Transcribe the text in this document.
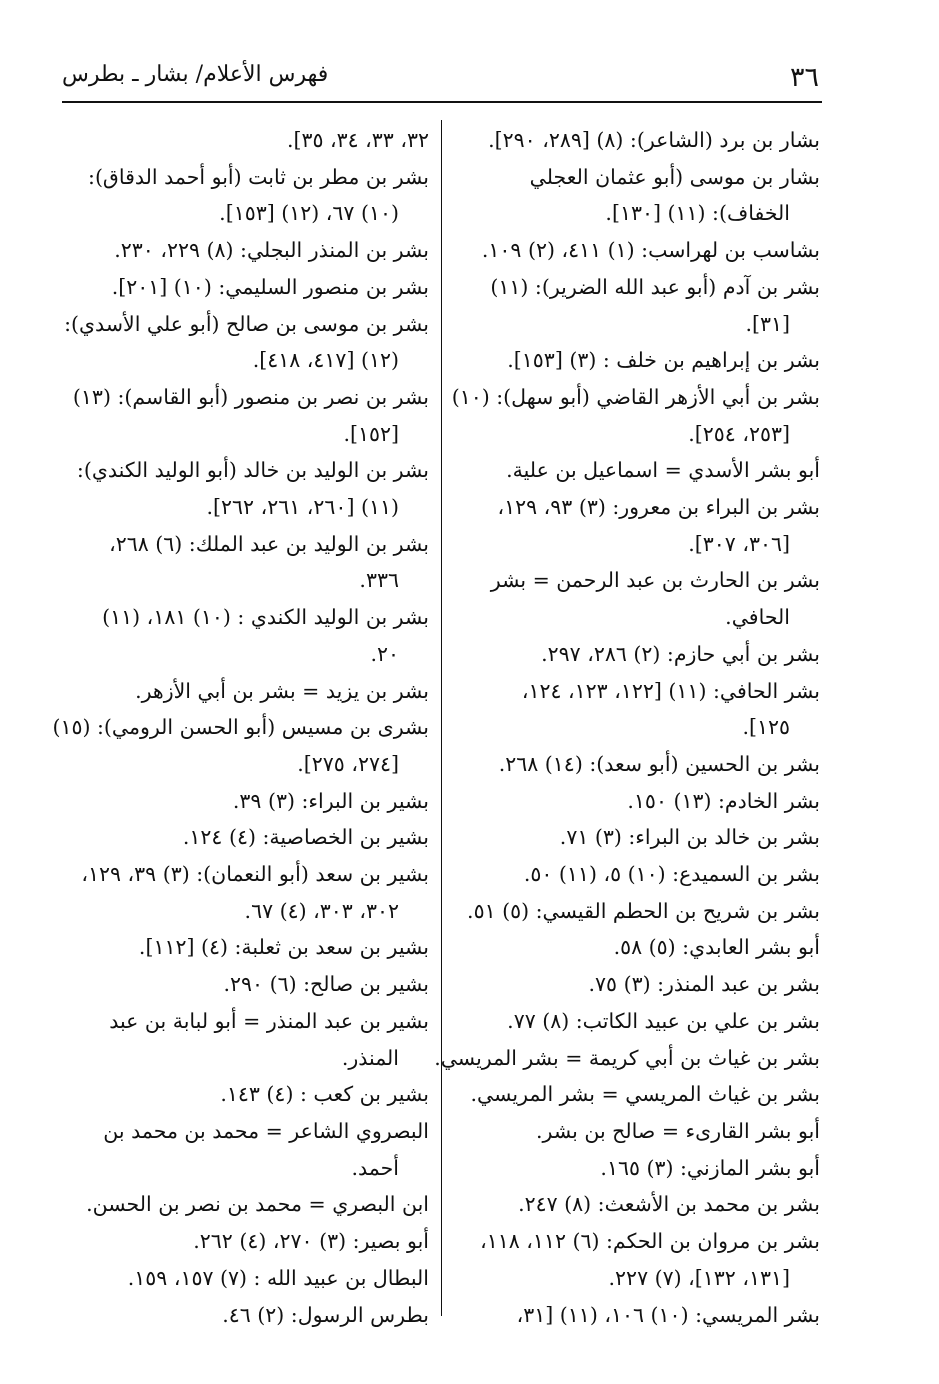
٣٦
فهرس الأعلام/ بشار ـ بطرس
بشار بن برد (الشاعر): (٨) [٢٨٩، ٢٩٠].
بشار بن موسى (أبو عثمان العجلي
الخفاف): (١١) [١٣٠].
بشاسب بن لهراسب: (١) ٤١١، (٢) ١٠٩.
بشر بن آدم (أبو عبد الله الضرير): (١١)
[٣١].
بشر بن إبراهيم بن خلف : (٣) [١٥٣].
بشر بن أبي الأزهر القاضي (أبو سهل): (١٠)
[٢٥٣، ٢٥٤].
أبو بشر الأسدي = اسماعيل بن علية.
بشر بن البراء بن معرور: (٣) ٩٣، ١٢٩،
[٣٠٦، ٣٠٧].
بشر بن الحارث بن عبد الرحمن = بشر
الحافي.
بشر بن أبي حازم: (٢) ٢٨٦، ٢٩٧.
بشر الحافي: (١١) [١٢٢، ١٢٣، ١٢٤،
١٢٥].
بشر بن الحسين (أبو سعد): (١٤) ٢٦٨.
بشر الخادم: (١٣) ١٥٠.
بشر بن خالد بن البراء: (٣) ٧١.
بشر بن السميدع: (١٠) ٥، (١١) ٥٠.
بشر بن شريح بن الحطم القيسي: (٥) ٥١.
أبو بشر العابدي: (٥) ٥٨.
بشر بن عبد المنذر: (٣) ٧٥.
بشر بن علي بن عبيد الكاتب: (٨) ٧٧.
بشر بن غياث بن أبي كريمة = بشر المريسي.
بشر بن غياث المريسي = بشر المريسي.
أبو بشر القارىء = صالح بن بشر.
أبو بشر المازني: (٣) ١٦٥.
بشر بن محمد بن الأشعث: (٨) ٢٤٧.
بشر بن مروان بن الحكم: (٦) ١١٢، ١١٨،
[١٣١، ١٣٢]، (٧) ٢٢٧.
بشر المريسي: (١٠) ١٠٦، (١١) [٣١،
٣٢، ٣٣، ٣٤، ٣٥].
بشر بن مطر بن ثابت (أبو أحمد الدقاق):
(١٠) ٦٧، (١٢) [١٥٣].
بشر بن المنذر البجلي: (٨) ٢٢٩، ٢٣٠.
بشر بن منصور السليمي: (١٠) [٢٠١].
بشر بن موسى بن صالح (أبو علي الأسدي):
(١٢) [٤١٧، ٤١٨].
بشر بن نصر بن منصور (أبو القاسم): (١٣)
[١٥٢].
بشر بن الوليد بن خالد (أبو الوليد الكندي):
(١١) [٢٦٠، ٢٦١، ٢٦٢].
بشر بن الوليد بن عبد الملك: (٦) ٢٦٨،
٣٣٦.
بشر بن الوليد الكندي : (١٠) ١٨١، (١١)
٢٠.
بشر بن يزيد = بشر بن أبي الأزهر.
بشرى بن مسيس (أبو الحسن الرومي): (١٥)
[٢٧٤، ٢٧٥].
بشير بن البراء: (٣) ٣٩.
بشير بن الخصاصية: (٤) ١٢٤.
بشير بن سعد (أبو النعمان): (٣) ٣٩، ١٢٩،
٣٠٢، ٣٠٣، (٤) ٦٧.
بشير بن سعد بن ثعلبة: (٤) [١١٢].
بشير بن صالح: (٦) ٢٩٠.
بشير بن عبد المنذر = أبو لبابة بن عبد
المنذر.
بشير بن كعب : (٤) ١٤٣.
البصروي الشاعر = محمد بن محمد بن
أحمد.
ابن البصري = محمد بن نصر بن الحسن.
أبو بصير: (٣) ٢٧٠، (٤) ٢٦٢.
البطال بن عبيد الله : (٧) ١٥٧، ١٥٩.
بطرس الرسول: (٢) ٤٦.
